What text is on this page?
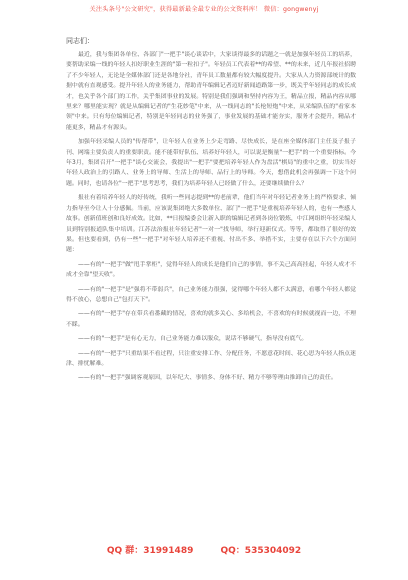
关注头条号"公文研究"，获得最新最全最专业的公文资料库！ 微信：gongwenyj
同志们：

最近，我与集团各单位、各部门"一把手"谈心谈话中，大家谈得最多的话题之一就是加强年轻员工的培养，要帮助采编一线的年轻人扣好职业生涯的"第一粒扣子"。年轻员工代表着**的希望、**的未来，近几年报社招聘了不少年轻人，无论是全媒体部门还是各地分社，青年员工数量都有较大幅度提升。大家从人力资源部统计的数据中就有直观感受。提升年轻人的业务能力，帮助青年编辑记者迈好新闻道路第一步，既关乎年轻同志的成长成才，也关乎各个部门的工作，关乎集团事业的发展。特别是我们强调和坚持内容为王，精品立报，精品内容从哪里来？哪里能实现？就是从编辑记者的"生花妙笔"中来，从一线同志的"长枪短炮"中来，从采编队伍的"看家本领"中来。只有每位编辑记者，特别是年轻同志的业务强了，事业发展的基础才能夯实，服务才会提升，精品才能更多，精品才有源头。

加强年轻采编人员的"传帮带"，让年轻人在业务上少走弯路、尽快成长，是在座全媒体部门主任及子报子刊、网端主要负责人的重要职责。能不能带好队伍、培养好年轻人，可以说是衡量"一把手"的一个重要指标。今年3月，集团召开"一把手"谈心交流会，我提出"一把手"要把培养年轻人作为盘活"棋局"的重中之重，切实当好年轻人政治上的引路人、业务上的导师、生活上的导师、品行上的导师。今天，想借此机会再强调一下这个问题。同时，也请各位"一把手"思考思考，我们为培养年轻人已经做了什么，还要继续做什么？

报社有着培养年轻人的好传统，我听一些同志提到**的老前辈，他们当年对年轻记者业务上的严格要求、倾力指导至今让人十分感佩。当前，应该说集团绝大多数单位、部门"一把手"是重视培养年轻人的，也有一些感人故事。创新值班创和良好成效。比如，**日报编委会让新入职的编辑记者到各岗位锻炼，中江网组织年轻采编人员到特别报道队集中培训。江苏法治报社年轻记者"一对一"找导师，举行迎新仪式。等等，都取得了很好的效果。但也要看到，仍有一些"一把手"对年轻人培养还不重视、付出不多、举措不实，主要存在以下六个方面问题：

——有的"一把手"做"甩手掌柜"，觉得年轻人的成长是他们自己的事情，事不关己高高挂起，年轻人成才不成才全靠"望天收"。

——有的"一把手"是"强将不带弱兵"，自己业务能力很强，觉得哪个年轻人都不太满意，看哪个年轻人都觉得不放心，总想自己"包打天下"。

——有的"一把手"存在带兵看番藏的情况，喜欢的就多关心、多给机会，不喜欢的有时候就视而一边，不理不睬。

——有的"一把手"是有心无力，自己业务能力难以服众，说话不够硬气，指导没有底气。

——有的"一把手"只重结果不看过程，只注重安排工作、分配任务，不愿意花时间、花心思为年轻人指点迷津、排忧解难。

——有的"一把手"强调客观原因，以年纪大、事情多、身体不好、精力不够等理由推卸自己的责任。

QQ 群：31991489	QQ：535304092
